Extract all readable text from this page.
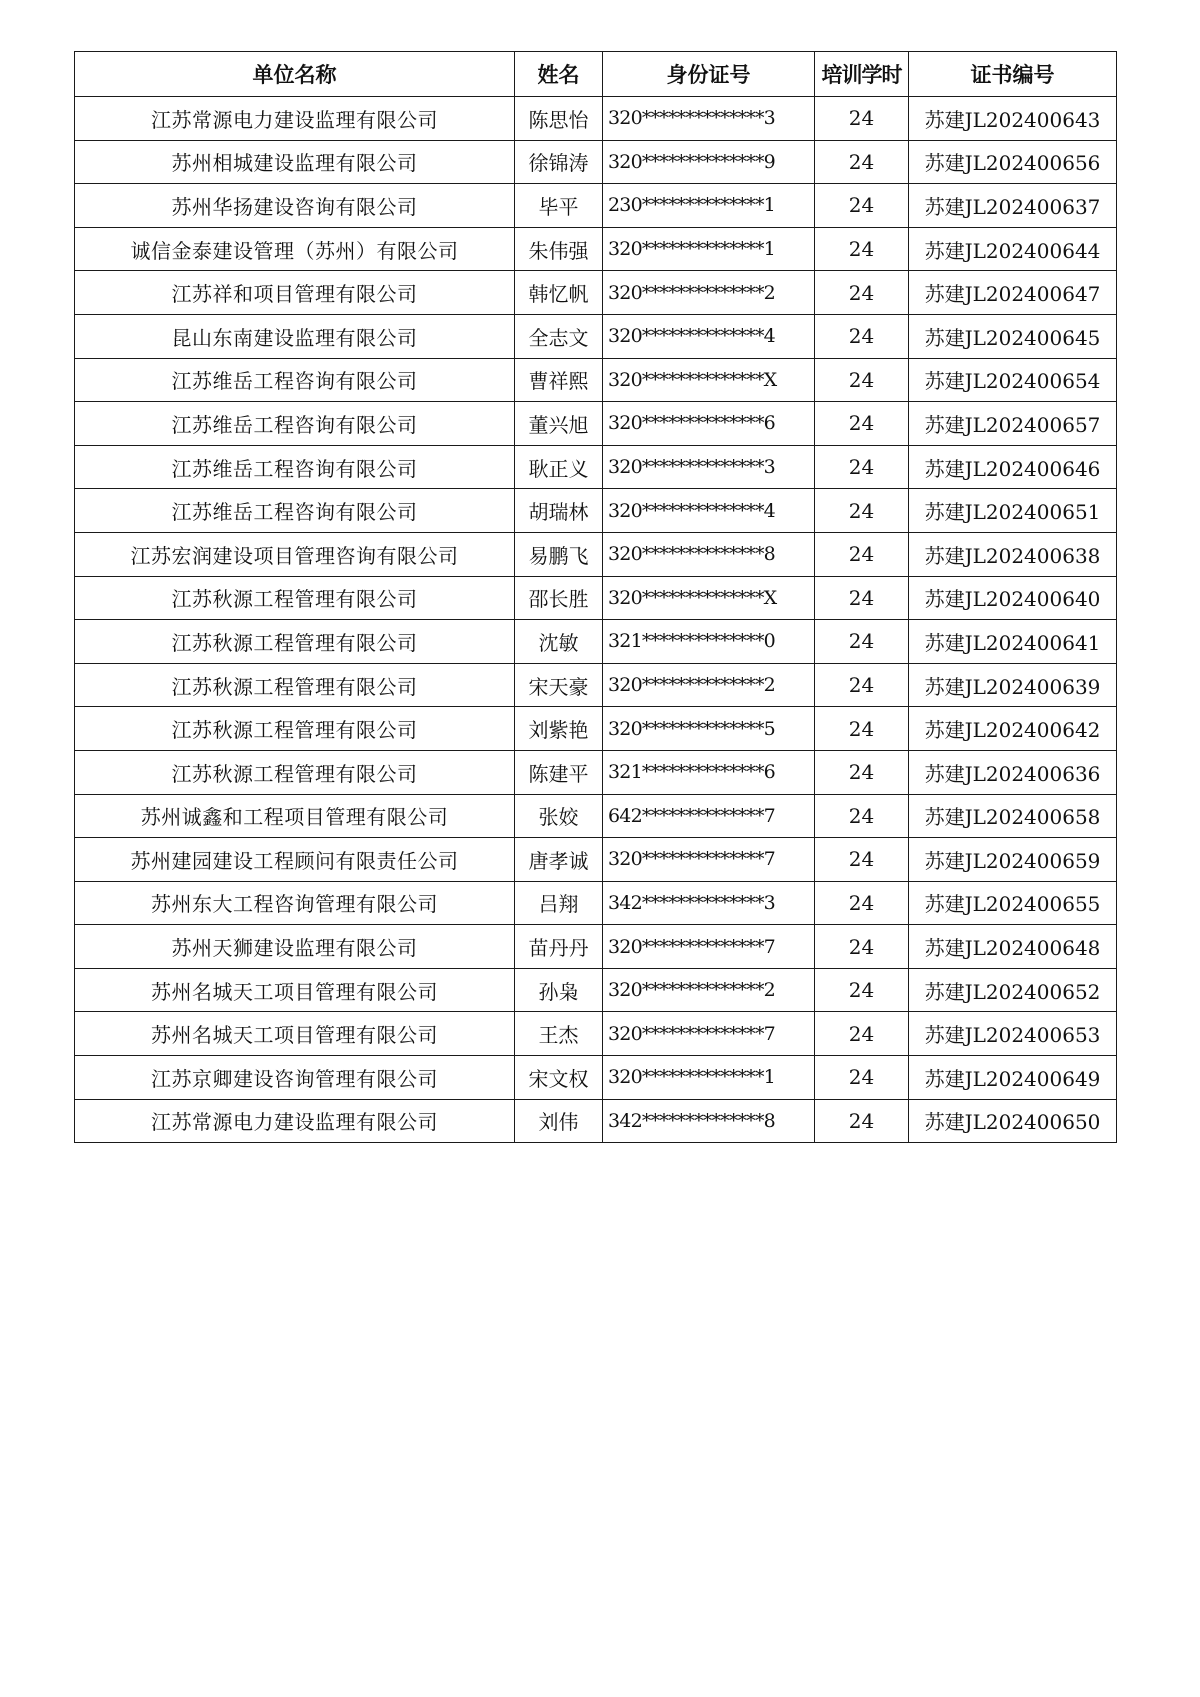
单位名称	姓名	身份证号	培训学时	证书编号
江苏常源电力建设监理有限公司	陈思怡	320**************3	24	苏建JL202400643
苏州相城建设监理有限公司	徐锦涛	320**************9	24	苏建JL202400656
苏州华扬建设咨询有限公司	毕平	230**************1	24	苏建JL202400637
诚信金泰建设管理（苏州）有限公司	朱伟强	320**************1	24	苏建JL202400644
江苏祥和项目管理有限公司	韩忆帆	320**************2	24	苏建JL202400647
昆山东南建设监理有限公司	全志文	320**************4	24	苏建JL202400645
江苏维岳工程咨询有限公司	曹祥熙	320**************X	24	苏建JL202400654
江苏维岳工程咨询有限公司	董兴旭	320**************6	24	苏建JL202400657
江苏维岳工程咨询有限公司	耿正义	320**************3	24	苏建JL202400646
江苏维岳工程咨询有限公司	胡瑞林	320**************4	24	苏建JL202400651
江苏宏润建设项目管理咨询有限公司	易鹏飞	320**************8	24	苏建JL202400638
江苏秋源工程管理有限公司	邵长胜	320**************X	24	苏建JL202400640
江苏秋源工程管理有限公司	沈敏	321**************0	24	苏建JL202400641
江苏秋源工程管理有限公司	宋天豪	320**************2	24	苏建JL202400639
江苏秋源工程管理有限公司	刘紫艳	320**************5	24	苏建JL202400642
江苏秋源工程管理有限公司	陈建平	321**************6	24	苏建JL202400636
苏州诚鑫和工程项目管理有限公司	张姣	642**************7	24	苏建JL202400658
苏州建园建设工程顾问有限责任公司	唐孝诚	320**************7	24	苏建JL202400659
苏州东大工程咨询管理有限公司	吕翔	342**************3	24	苏建JL202400655
苏州天狮建设监理有限公司	苗丹丹	320**************7	24	苏建JL202400648
苏州名城天工项目管理有限公司	孙枭	320**************2	24	苏建JL202400652
苏州名城天工项目管理有限公司	王杰	320**************7	24	苏建JL202400653
江苏京卿建设咨询管理有限公司	宋文权	320**************1	24	苏建JL202400649
江苏常源电力建设监理有限公司	刘伟	342**************8	24	苏建JL202400650
